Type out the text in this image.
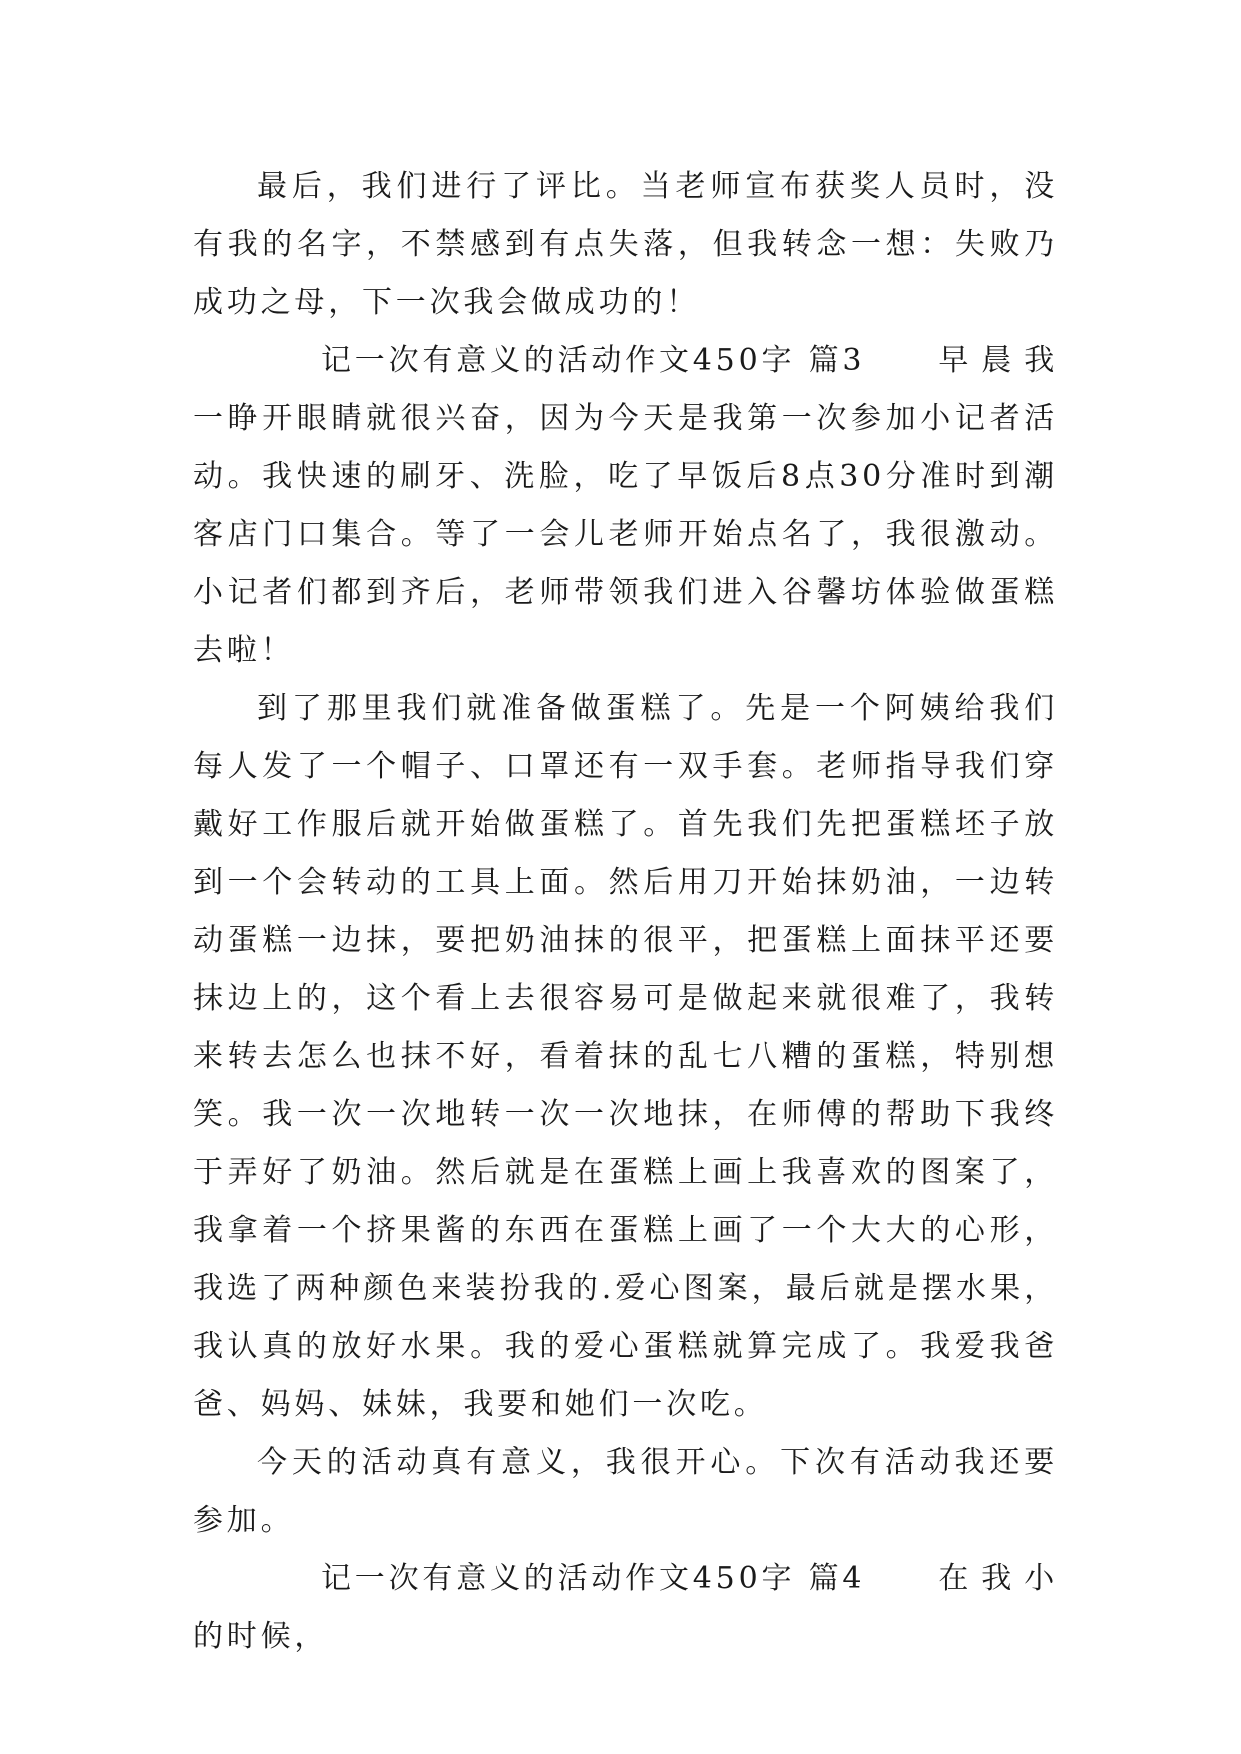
最后，我们进行了评比。当老师宣布获奖人员时，没有我的名字，不禁感到有点失落，但我转念一想：失败乃成功之母，下一次我会做成功的！

记一次有意义的活动作文450字 篇3 早晨我一睁开眼睛就很兴奋，因为今天是我第一次参加小记者活动。我快速的刷牙、洗脸，吃了早饭后8点30分准时到潮客店门口集合。等了一会儿老师开始点名了，我很激动。小记者们都到齐后，老师带领我们进入谷馨坊体验做蛋糕去啦！

到了那里我们就准备做蛋糕了。先是一个阿姨给我们每人发了一个帽子、口罩还有一双手套。老师指导我们穿戴好工作服后就开始做蛋糕了。首先我们先把蛋糕坯子放到一个会转动的工具上面。然后用刀开始抹奶油，一边转动蛋糕一边抹，要把奶油抹的很平，把蛋糕上面抹平还要抹边上的，这个看上去很容易可是做起来就很难了，我转来转去怎么也抹不好，看着抹的乱七八糟的蛋糕，特别想笑。我一次一次地转一次一次地抹，在师傅的帮助下我终于弄好了奶油。然后就是在蛋糕上画上我喜欢的图案了，我拿着一个挤果酱的东西在蛋糕上画了一个大大的心形，我选了两种颜色来装扮我的.爱心图案，最后就是摆水果，我认真的放好水果。我的爱心蛋糕就算完成了。我爱我爸爸、妈妈、妹妹，我要和她们一次吃。

今天的活动真有意义，我很开心。下次有活动我还要参加。

记一次有意义的活动作文450字 篇4 在我小的时候，
